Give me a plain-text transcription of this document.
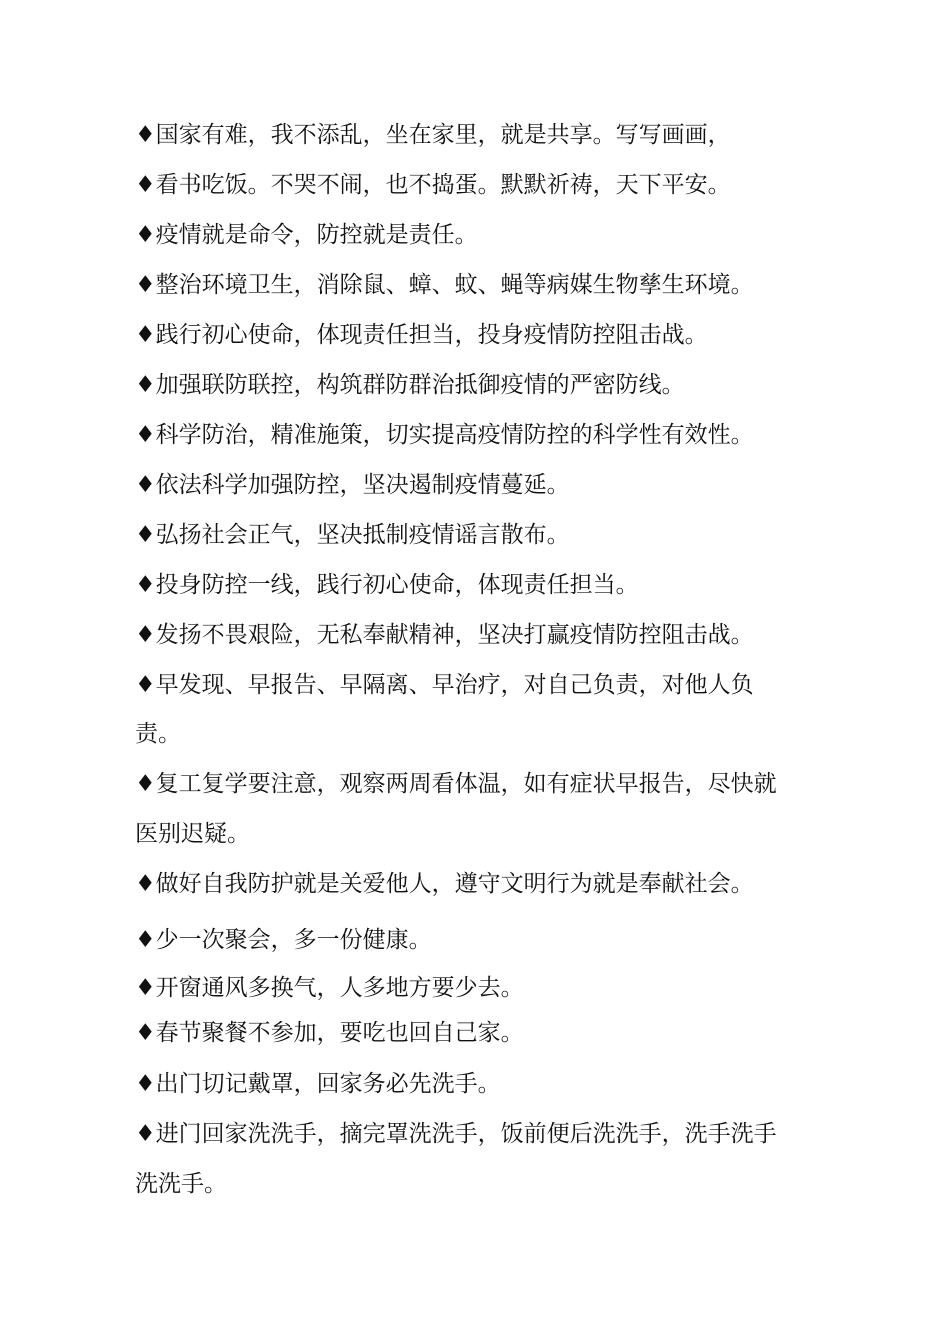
♦国家有难，我不添乱，坐在家里，就是共享。写写画画，
♦看书吃饭。不哭不闹，也不捣蛋。默默祈祷，天下平安。
♦疫情就是命令，防控就是责任。
♦整治环境卫生，消除鼠、蟑、蚊、蝇等病媒生物孳生环境。
♦践行初心使命，体现责任担当，投身疫情防控阻击战。
♦加强联防联控，构筑群防群治抵御疫情的严密防线。
♦科学防治，精准施策，切实提高疫情防控的科学性有效性。
♦依法科学加强防控，坚决遏制疫情蔓延。
♦弘扬社会正气，坚决抵制疫情谣言散布。
♦投身防控一线，践行初心使命，体现责任担当。
♦发扬不畏艰险，无私奉献精神，坚决打赢疫情防控阻击战。
♦早发现、早报告、早隔离、早治疗，对自己负责，对他人负
责。
♦复工复学要注意，观察两周看体温，如有症状早报告，尽快就
医别迟疑。
♦做好自我防护就是关爱他人，遵守文明行为就是奉献社会。
♦少一次聚会，多一份健康。
♦开窗通风多换气，人多地方要少去。
♦春节聚餐不参加，要吃也回自己家。
♦出门切记戴罩，回家务必先洗手。
♦进门回家洗洗手，摘完罩洗洗手，饭前便后洗洗手，洗手洗手
洗洗手。
